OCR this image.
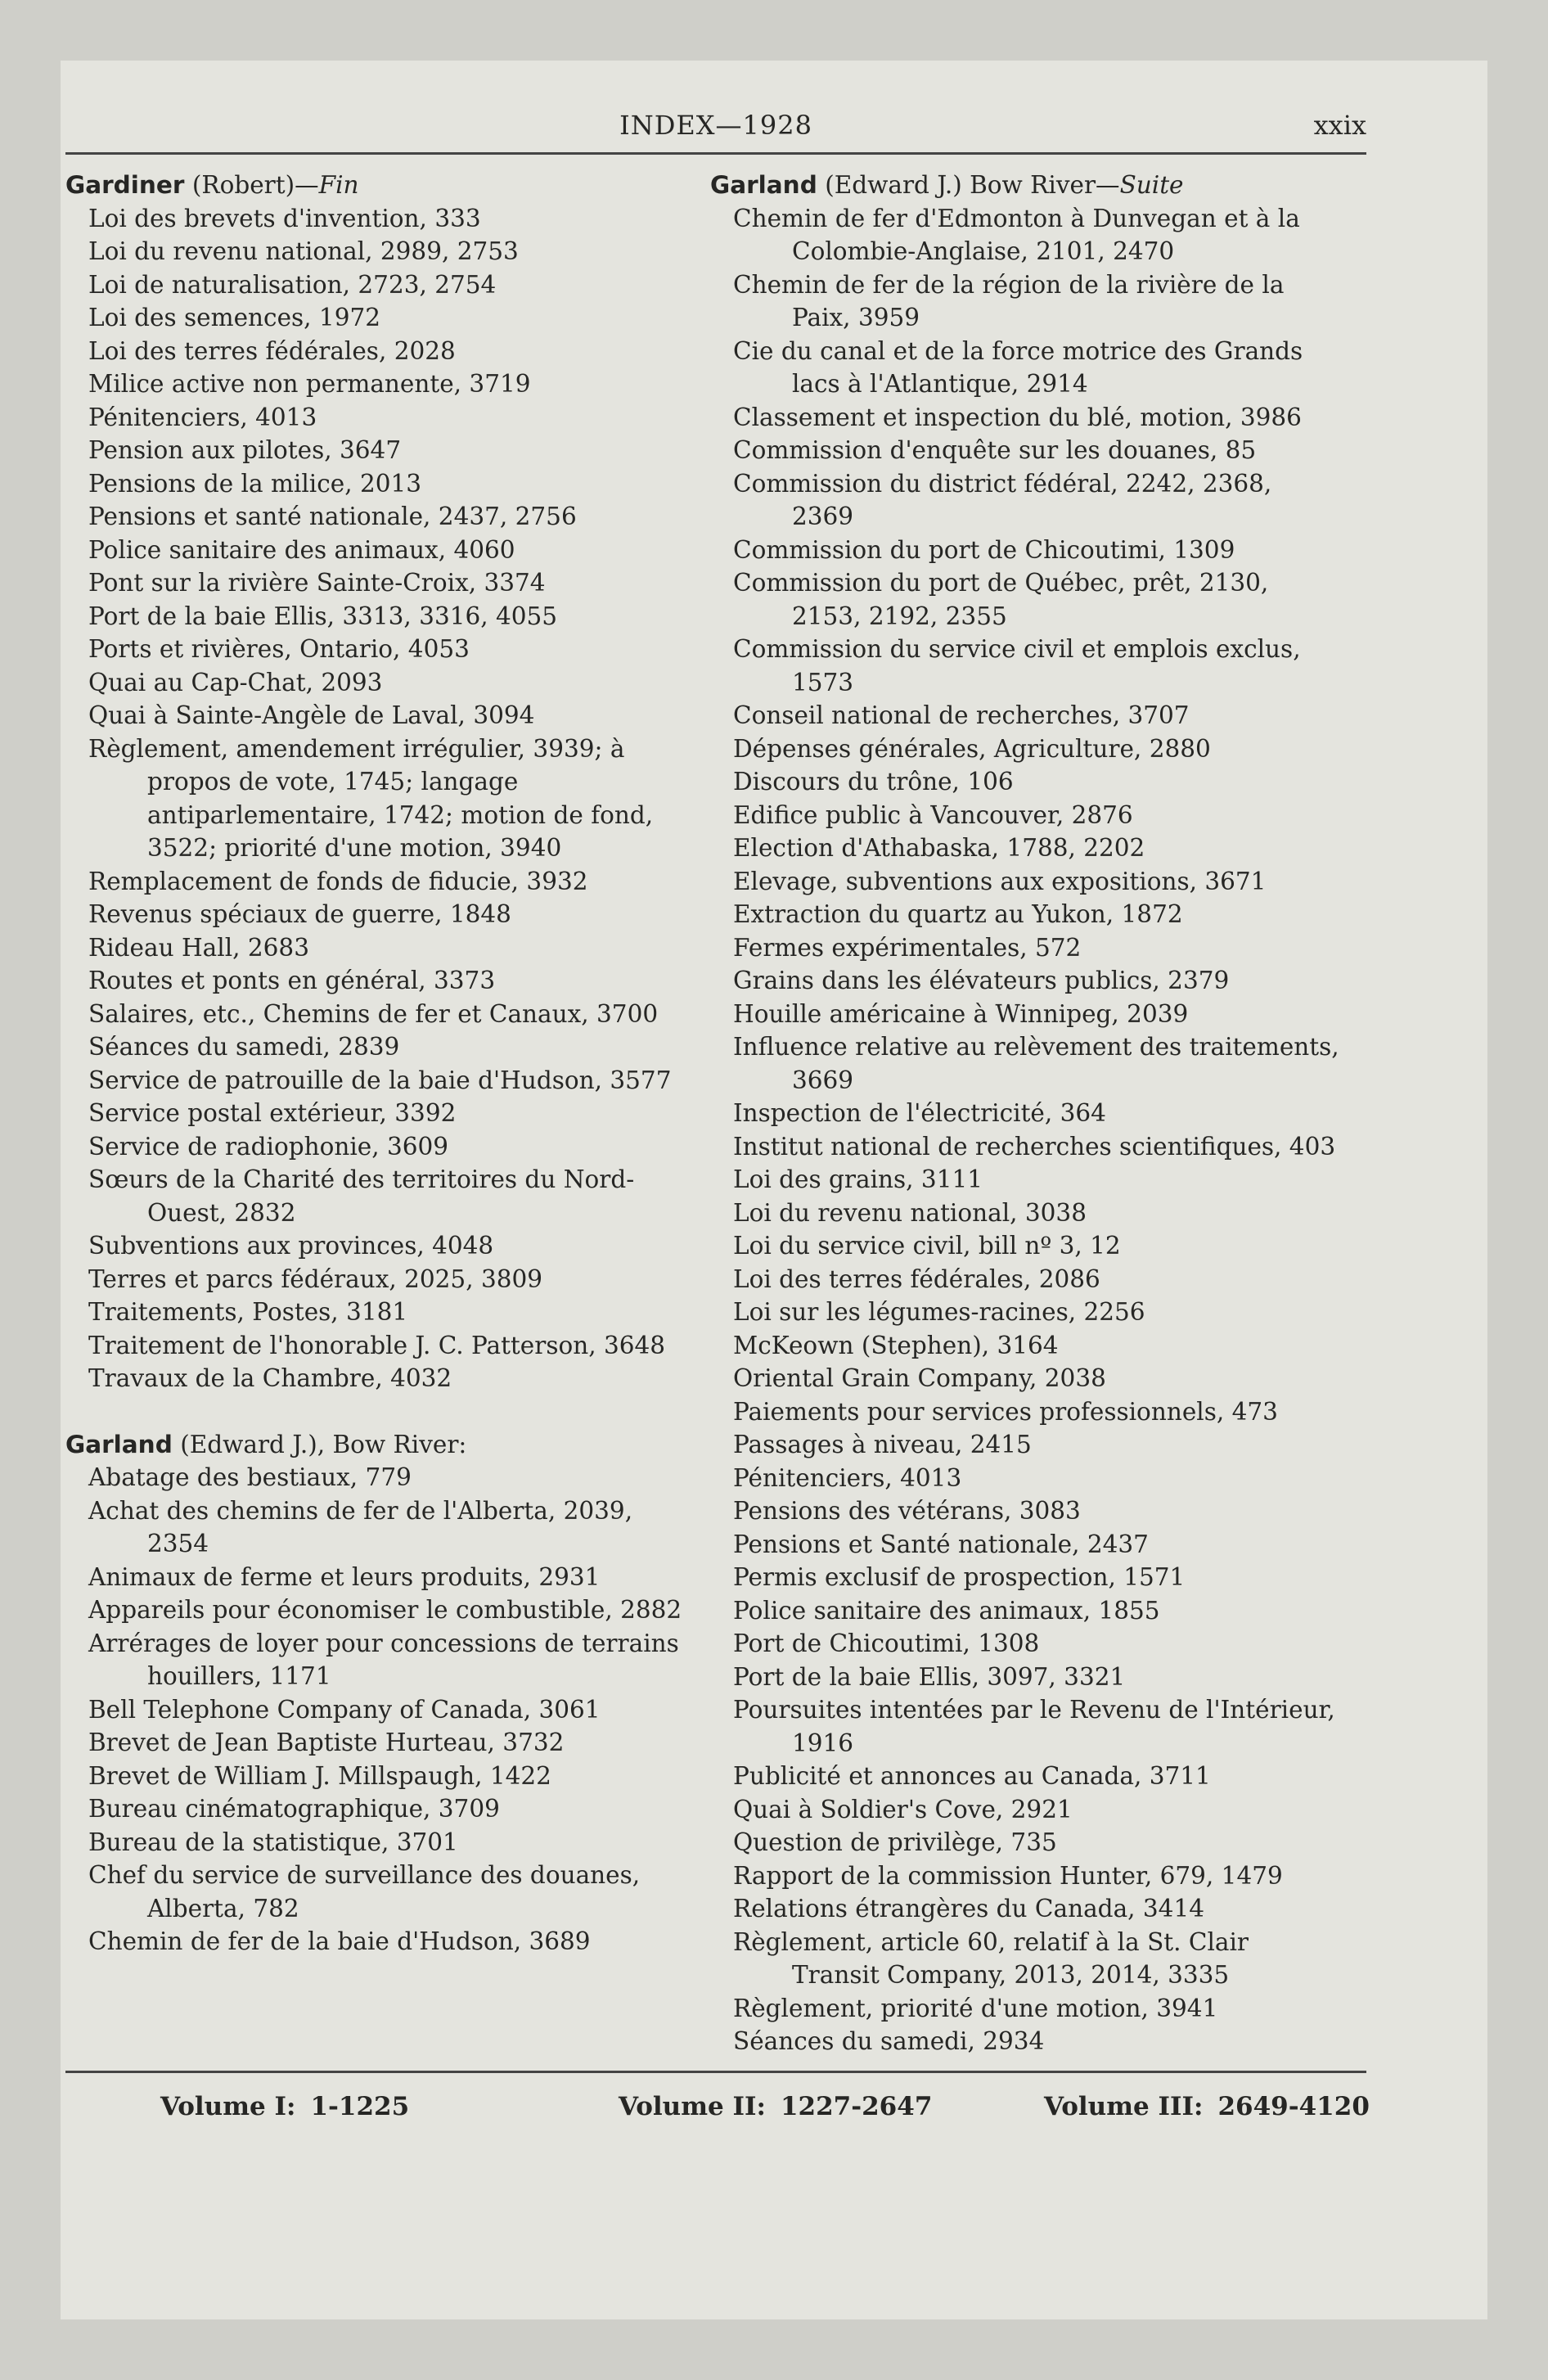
INDEX—1928	xxix

Gardiner (Robert)—Fin

Loi des brevets d'invention, 333

Loi du revenu national, 2989, 2753

Loi de naturalisation, 2723, 2754

Loi des semences, 1972

Loi des terres fédérales, 2028

Milice active non permanente, 3719

Pénitenciers, 4013

Pension aux pilotes, 3647

Pensions de la milice, 2013

Pensions et santé nationale, 2437, 2756

Police sanitaire des animaux, 4060

Pont sur la rivière Sainte-Croix, 3374

Port de la baie Ellis, 3313, 3316, 4055

Ports et rivières, Ontario, 4053

Quai au Cap-Chat, 2093

Quai à Sainte-Angèle de Laval, 3094

Règlement, amendement irrégulier, 3939; à propos de vote, 1745; langage antiparlementaire, 1742; motion de fond, 3522; priorité d'une motion, 3940

Remplacement de fonds de fiducie, 3932

Revenus spéciaux de guerre, 1848

Rideau Hall, 2683

Routes et ponts en général, 3373

Salaires, etc., Chemins de fer et Canaux, 3700

Séances du samedi, 2839

Service de patrouille de la baie d'Hudson, 3577

Service postal extérieur, 3392

Service de radiophonie, 3609

Sœurs de la Charité des territoires du Nord-Ouest, 2832

Subventions aux provinces, 4048

Terres et parcs fédéraux, 2025, 3809

Traitements, Postes, 3181

Traitement de l'honorable J. C. Patterson, 3648

Travaux de la Chambre, 4032

Garland (Edward J.), Bow River:

Abatage des bestiaux, 779

Achat des chemins de fer de l'Alberta, 2039, 2354

Animaux de ferme et leurs produits, 2931

Appareils pour économiser le combustible, 2882

Arrérages de loyer pour concessions de terrains houillers, 1171

Bell Telephone Company of Canada, 3061

Brevet de Jean Baptiste Hurteau, 3732

Brevet de William J. Millspaugh, 1422

Bureau cinématographique, 3709

Bureau de la statistique, 3701

Chef du service de surveillance des douanes, Alberta, 782

Chemin de fer de la baie d'Hudson, 3689

Garland (Edward J.) Bow River—Suite

Chemin de fer d'Edmonton à Dunvegan et à la Colombie-Anglaise, 2101, 2470

Chemin de fer de la région de la rivière de la Paix, 3959

Cie du canal et de la force motrice des Grands lacs à l'Atlantique, 2914

Classement et inspection du blé, motion, 3986

Commission d'enquête sur les douanes, 85

Commission du district fédéral, 2242, 2368, 2369

Commission du port de Chicoutimi, 1309

Commission du port de Québec, prêt, 2130, 2153, 2192, 2355

Commission du service civil et emplois exclus, 1573

Conseil national de recherches, 3707

Dépenses générales, Agriculture, 2880

Discours du trône, 106

Edifice public à Vancouver, 2876

Election d'Athabaska, 1788, 2202

Elevage, subventions aux expositions, 3671

Extraction du quartz au Yukon, 1872

Fermes expérimentales, 572

Grains dans les élévateurs publics, 2379

Houille américaine à Winnipeg, 2039

Influence relative au relèvement des traitements, 3669

Inspection de l'électricité, 364

Institut national de recherches scientifiques, 403

Loi des grains, 3111

Loi du revenu national, 3038

Loi du service civil, bill nº 3, 12

Loi des terres fédérales, 2086

Loi sur les légumes-racines, 2256

McKeown (Stephen), 3164

Oriental Grain Company, 2038

Paiements pour services professionnels, 473

Passages à niveau, 2415

Pénitenciers, 4013

Pensions des vétérans, 3083

Pensions et Santé nationale, 2437

Permis exclusif de prospection, 1571

Police sanitaire des animaux, 1855

Port de Chicoutimi, 1308

Port de la baie Ellis, 3097, 3321

Poursuites intentées par le Revenu de l'Intérieur, 1916

Publicité et annonces au Canada, 3711

Quai à Soldier's Cove, 2921

Question de privilège, 735

Rapport de la commission Hunter, 679, 1479

Relations étrangères du Canada, 3414

Règlement, article 60, relatif à la St. Clair Transit Company, 2013, 2014, 3335

Règlement, priorité d'une motion, 3941

Séances du samedi, 2934

Volume I: 1-1225	Volume II: 1227-2647	Volume III: 2649-4120
